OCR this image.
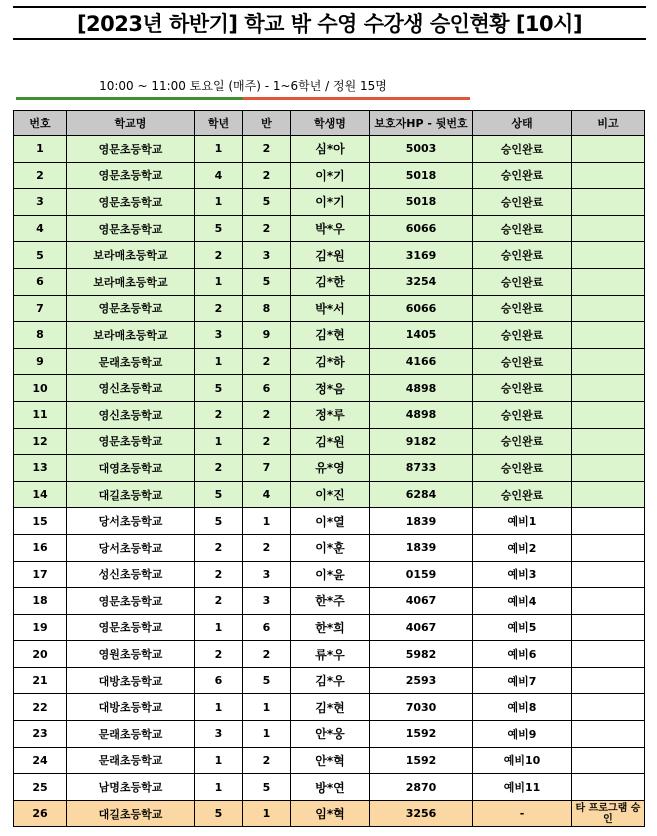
[2023년 하반기] 학교 밖 수영 수강생 승인현황 [10시]
10:00 ~ 11:00 토요일 (매주) - 1~6학년 / 정원 15명
번호	학교명	학년	반	학생명	보호자HP - 뒷번호	상태	비고
1	영문초등학교	1	2	심*아	5003	승인완료	
2	영문초등학교	4	2	이*기	5018	승인완료	
3	영문초등학교	1	5	이*기	5018	승인완료	
4	영문초등학교	5	2	박*우	6066	승인완료	
5	보라매초등학교	2	3	김*원	3169	승인완료	
6	보라매초등학교	1	5	김*한	3254	승인완료	
7	영문초등학교	2	8	박*서	6066	승인완료	
8	보라매초등학교	3	9	김*현	1405	승인완료	
9	문래초등학교	1	2	김*하	4166	승인완료	
10	영신초등학교	5	6	정*음	4898	승인완료	
11	영신초등학교	2	2	정*루	4898	승인완료	
12	영문초등학교	1	2	김*원	9182	승인완료	
13	대영초등학교	2	7	유*영	8733	승인완료	
14	대길초등학교	5	4	이*진	6284	승인완료	
15	당서초등학교	5	1	이*열	1839	예비1	
16	당서초등학교	2	2	이*훈	1839	예비2	
17	성신초등학교	2	3	이*윤	0159	예비3	
18	영문초등학교	2	3	한*주	4067	예비4	
19	영문초등학교	1	6	한*희	4067	예비5	
20	영원초등학교	2	2	류*우	5982	예비6	
21	대방초등학교	6	5	김*우	2593	예비7	
22	대방초등학교	1	1	김*현	7030	예비8	
23	문래초등학교	3	1	안*웅	1592	예비9	
24	문래초등학교	1	2	안*혁	1592	예비10	
25	남명초등학교	1	5	방*연	2870	예비11	
26	대길초등학교	5	1	임*혁	3256	-	타 프로그램 승인
